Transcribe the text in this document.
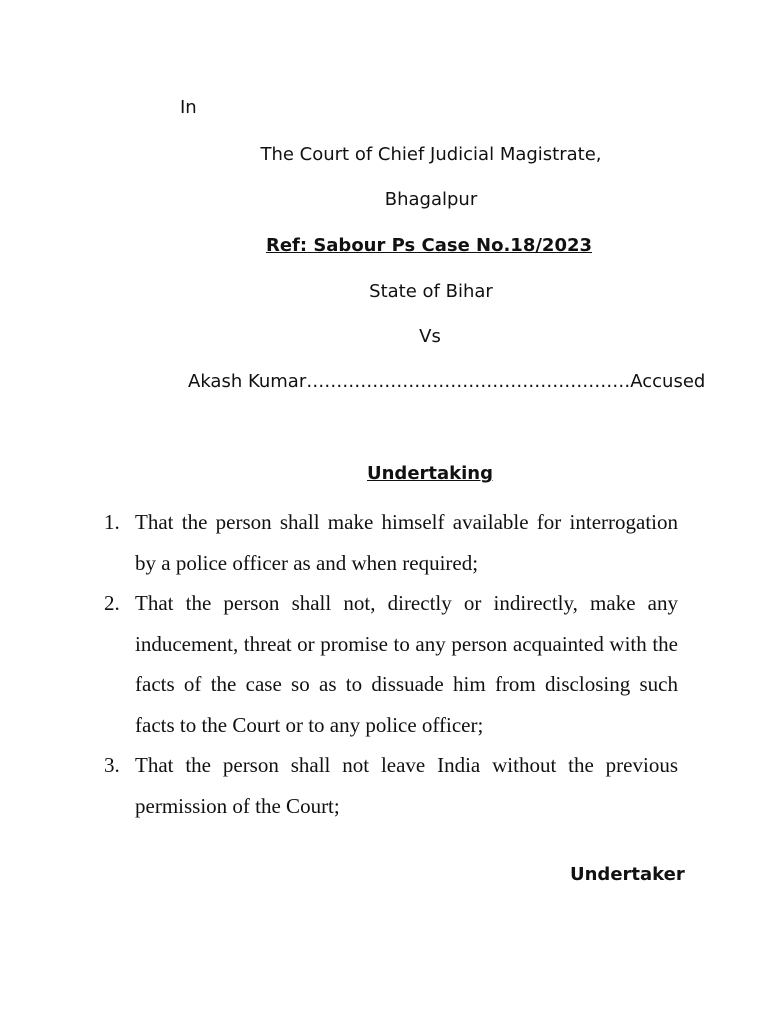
In
The Court of Chief Judicial Magistrate,
Bhagalpur
Ref: Sabour Ps Case No.18/2023
State of Bihar
Vs
Akash Kumar………………………………………………Accused
Undertaking
1. That the person shall make himself available for interrogation by a police officer as and when required;
2. That the person shall not, directly or indirectly, make any inducement, threat or promise to any person acquainted with the facts of the case so as to dissuade him from disclosing such facts to the Court or to any police officer;
3. That the person shall not leave India without the previous permission of the Court;
Undertaker
